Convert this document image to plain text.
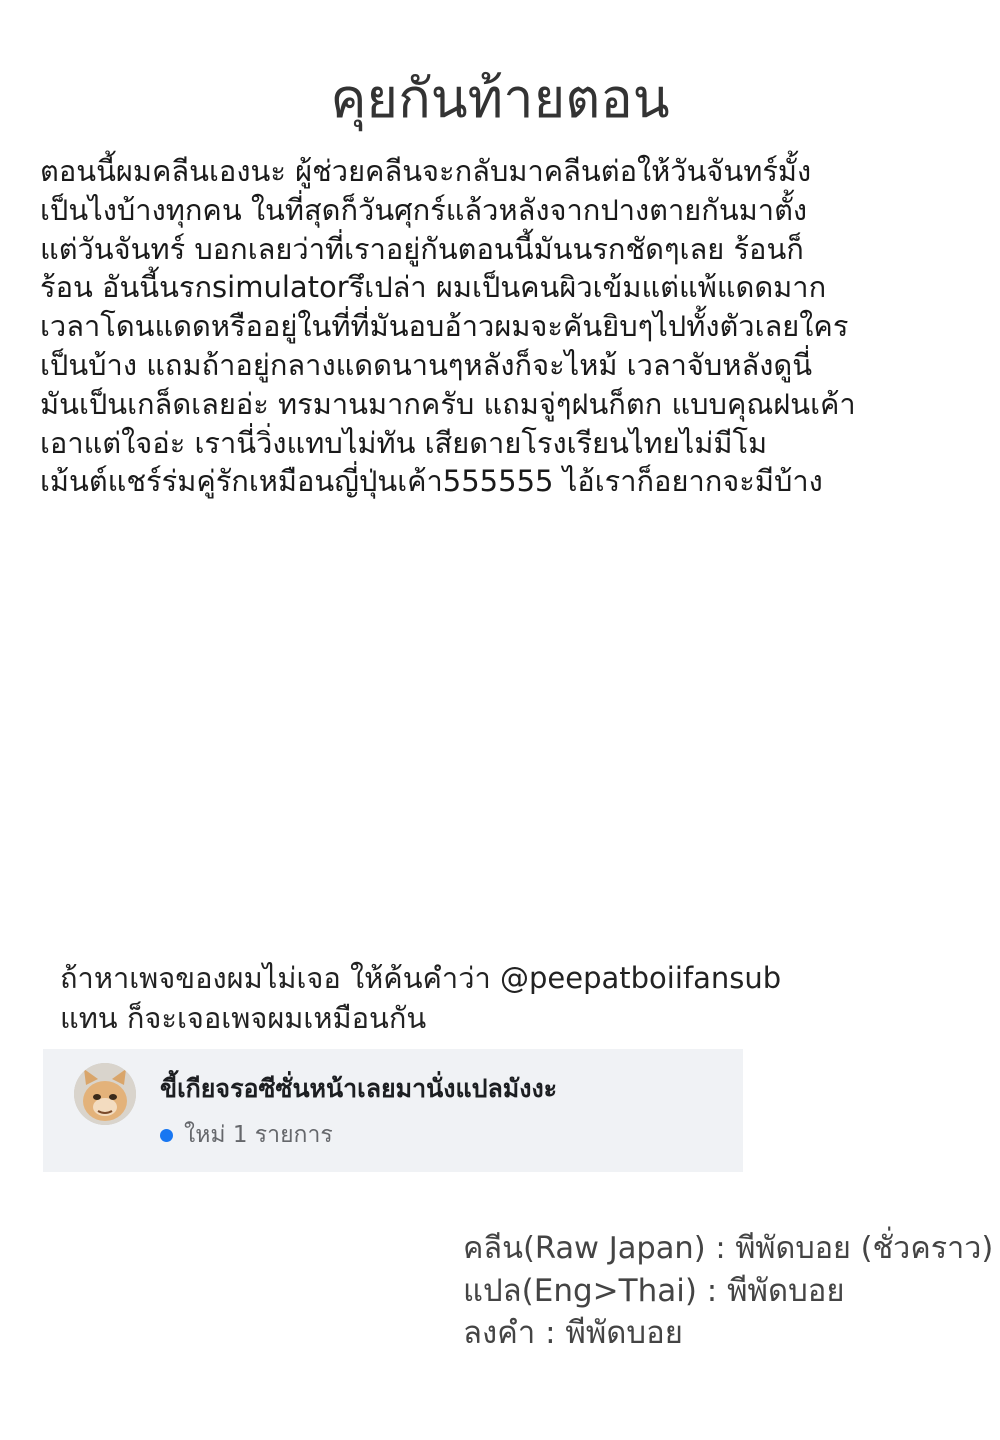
คุยกันท้ายตอน
ตอนนี้ผมคลีนเองนะ ผู้ช่วยคลีนจะกลับมาคลีนต่อให้วันจันทร์มั้ง
เป็นไงบ้างทุกคน ในที่สุดก็วันศุกร์แล้วหลังจากปางตายกันมาตั้ง
แต่วันจันทร์ บอกเลยว่าที่เราอยู่กันตอนนี้มันนรกชัดๆเลย ร้อนก็
ร้อน อันนี้นรกsimulatorรึเปล่า ผมเป็นคนผิวเข้มแต่แพ้แดดมาก
เวลาโดนแดดหรืออยู่ในที่ที่มันอบอ้าวผมจะคันยิบๆไปทั้งตัวเลยใคร
เป็นบ้าง แถมถ้าอยู่กลางแดดนานๆหลังก็จะไหม้ เวลาจับหลังดูนี่
มันเป็นเกล็ดเลยอ่ะ ทรมานมากครับ แถมจู่ๆฝนก็ตก แบบคุณฝนเค้า
เอาแต่ใจอ่ะ เรานี่วิ่งแทบไม่ทัน เสียดายโรงเรียนไทยไม่มีโม
เม้นต์แชร์ร่มคู่รักเหมือนญี่ปุ่นเค้า555555 ไอ้เราก็อยากจะมีบ้าง
ถ้าหาเพจของผมไม่เจอ ให้ค้นคำว่า @peepatboiifansub
แทน ก็จะเจอเพจผมเหมือนกัน
ขี้เกียจรอซีซั่นหน้าเลยมานั่งแปลมังงะ
ใหม่ 1 รายการ
คลีน(Raw Japan) : พีพัดบอย (ชั่วคราว)
แปล(Eng>Thai) : พีพัดบอย
ลงคำ : พีพัดบอย
